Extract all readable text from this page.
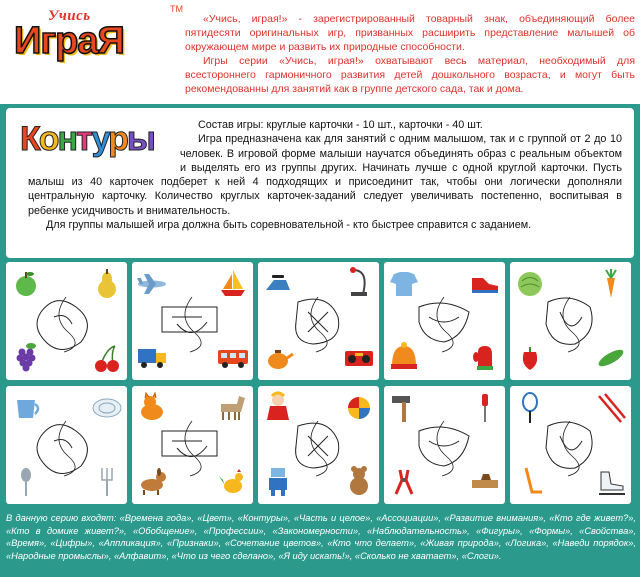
Учись
ИграЯ
ТМ

«Учись, играя!» - зарегистрированный товарный знак, объединяющий более пятидесяти оригинальных игр, призванных расширить представление малышей об окружающем мире и развить их природные способности.

Игры серии «Учись, играя!» охватывают весь материал, необходимый для всестороннего гармоничного развития детей дошкольного возраста, и могут быть рекомендованны для занятий как в группе детского сада, так и дома.

Состав игры: круглые карточки - 10 шт., карточки - 40 шт.

Игра предназначена как для занятий с одним малышом, так и с группой от 2 до 10 человек. В игровой форме малыши научатся объединять образ с реальным объектом и выделять его из группы других. Начинать лучше с одной круглой карточки. Пусть малыш из 40 карточек подберет к ней 4 подходящих и присоединит так, чтобы они логически дополняли центральную карточку. Количество круглых карточек-заданий следует увеличивать постепенно, воспитывая в ребенке усидчивость и внимательность.

Для группы малышей игра должна быть соревновательной - кто быстрее справится с заданием.

Контуры
В данную серию входят: «Времена года», «Цвет», «Контуры», «Часть и целое», «Ассоциации», «Развитие внимания», «Кто где живет?», «Кто в домике живет?», «Обобщение», «Профессии», «Закономерности», «Наблюдательность», «Фигуры», «Формы», «Свойства», «Время», «Цифры», «Аппликация», «Признаки», «Сочетание цветов», «Кто что делает», «Живая природа», «Логика», «Наведи порядок», «Народные промыслы», «Алфавит», «Что из чего сделано», «Я иду искать!», «Сколько не хватает», «Слоги».
